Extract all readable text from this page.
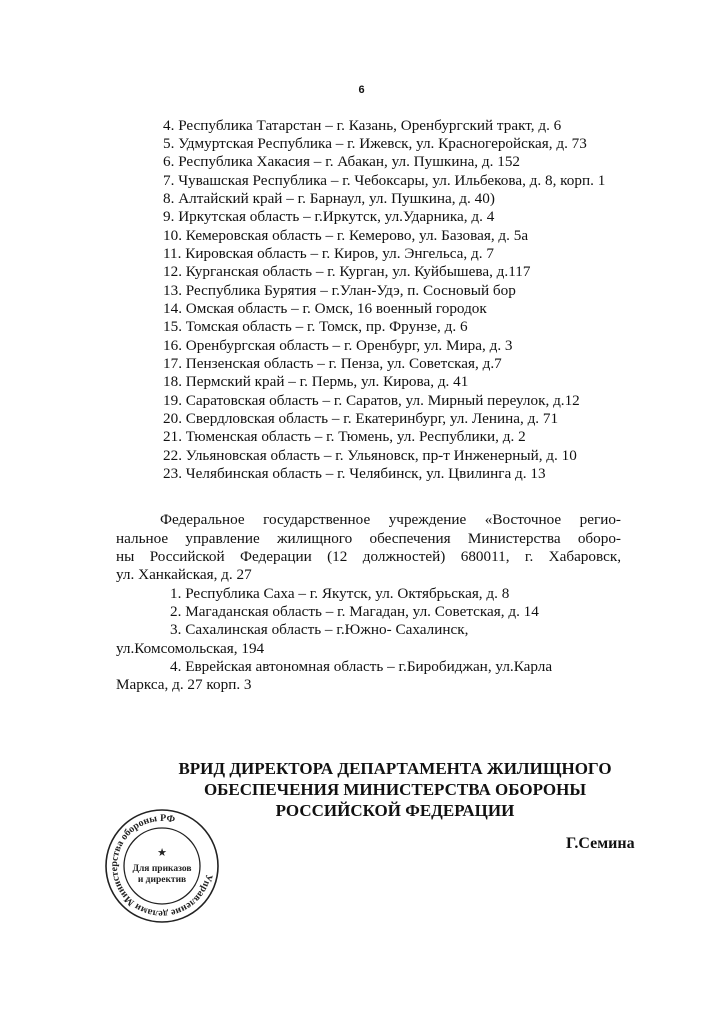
6
4. Республика Татарстан – г. Казань, Оренбургский тракт, д. 6
5. Удмуртская Республика – г. Ижевск, ул. Красногеройская, д. 73
6. Республика Хакасия – г. Абакан, ул. Пушкина, д. 152
7. Чувашская Республика – г. Чебоксары, ул. Ильбекова, д. 8, корп. 1
8. Алтайский край – г. Барнаул, ул. Пушкина, д. 40)
9. Иркутская область – г.Иркутск, ул.Ударника, д. 4
10. Кемеровская область – г. Кемерово, ул. Базовая, д. 5а
11. Кировская область – г. Киров, ул. Энгельса, д. 7
12. Курганская область – г. Курган, ул. Куйбышева, д.117
13. Республика Бурятия – г.Улан-Удэ, п. Сосновый бор
14. Омская область – г. Омск, 16 военный городок
15. Томская область – г. Томск, пр. Фрунзе, д. 6
16. Оренбургская область – г. Оренбург, ул. Мира, д. 3
17. Пензенская область – г. Пенза, ул. Советская, д.7
18. Пермский край – г. Пермь, ул. Кирова, д. 41
19. Саратовская область – г. Саратов, ул. Мирный переулок, д.12
20. Свердловская область – г. Екатеринбург, ул. Ленина, д. 71
21. Тюменская область – г. Тюмень, ул. Республики, д. 2
22. Ульяновская область – г. Ульяновск, пр-т Инженерный, д. 10
23. Челябинская область – г. Челябинск, ул. Цвилинга д. 13
Федеральное государственное учреждение «Восточное регио-
нальное управление жилищного обеспечения Министерства оборо-
ны Российской Федерации (12 должностей) 680011, г. Хабаровск,
ул. Ханкайская, д. 27
1. Республика Саха – г. Якутск, ул. Октябрьская, д. 8
2. Магаданская область – г. Магадан, ул. Советская, д. 14
3. Сахалинская область – г.Южно- Сахалинск,
ул.Комсомольская, 194
4. Еврейская автономная область – г.Биробиджан, ул.Карла
Маркса, д. 27 корп. 3
ВРИД ДИРЕКТОРА ДЕПАРТАМЕНТА ЖИЛИЩНОГО
ОБЕСПЕЧЕНИЯ МИНИСТЕРСТВА ОБОРОНЫ
РОССИЙСКОЙ ФЕДЕРАЦИИ
Г.Семина
Управление делами Министерства обороны РФ
★
Для приказов
и директив
